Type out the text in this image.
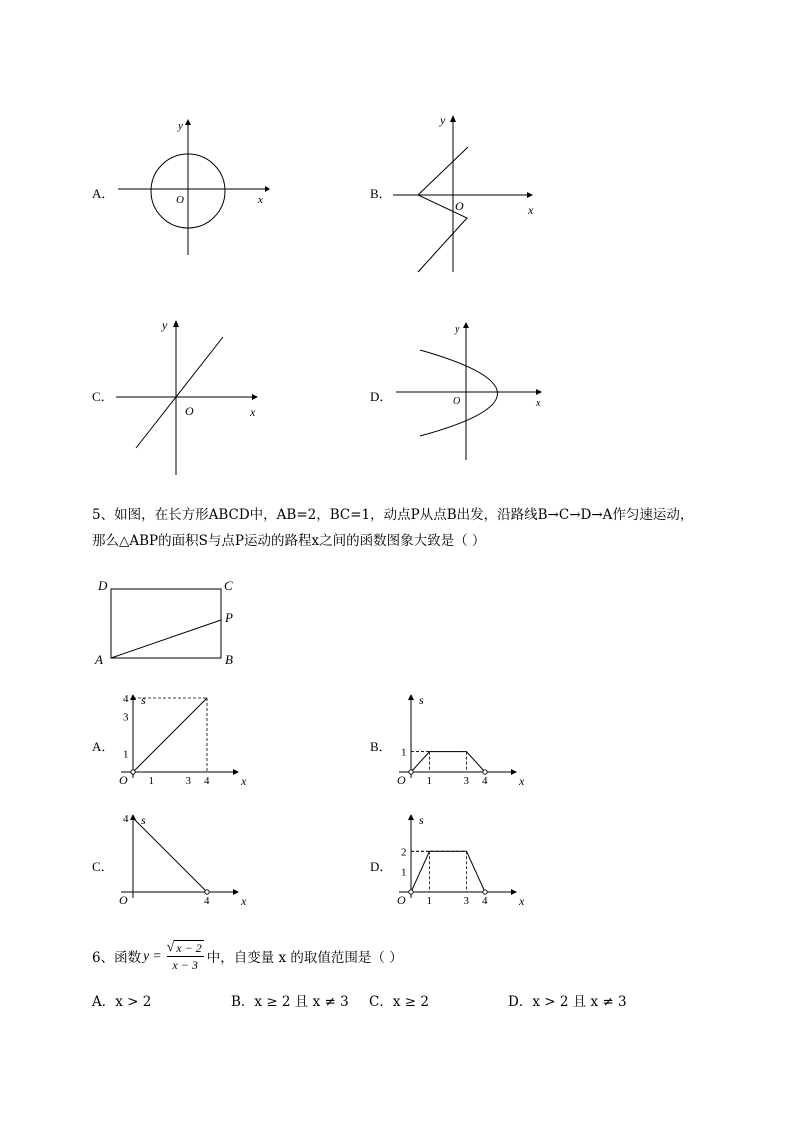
A．	O	x
y
B．
O	x
y
C．
O	x
y
D．	O	x
y
5、如图，在长方形ABCD中，AB=2，BC=1，动点P从点B出发，沿路线B→C→D→A作匀速运动，
那么△ABP的面积S与点P运动的路程x之间的函数图象大致是（ ）
D	C
P
A	B
A．	B．
C．	D．
s
x
O 1	3 4
1
3
4	s
x
O 1	3 4
1
s
x
O	4
4	s
x
O 1	3 4
1
2
6、函数 $y = \frac{√ x - 2}{x - 3}$ 中，自变量 x 的取值范围是（ ）
A．x > 2	B．x ≥ 2 且 x ≠ 3 C．x ≥ 2	D．x > 2 且 x ≠ 3
